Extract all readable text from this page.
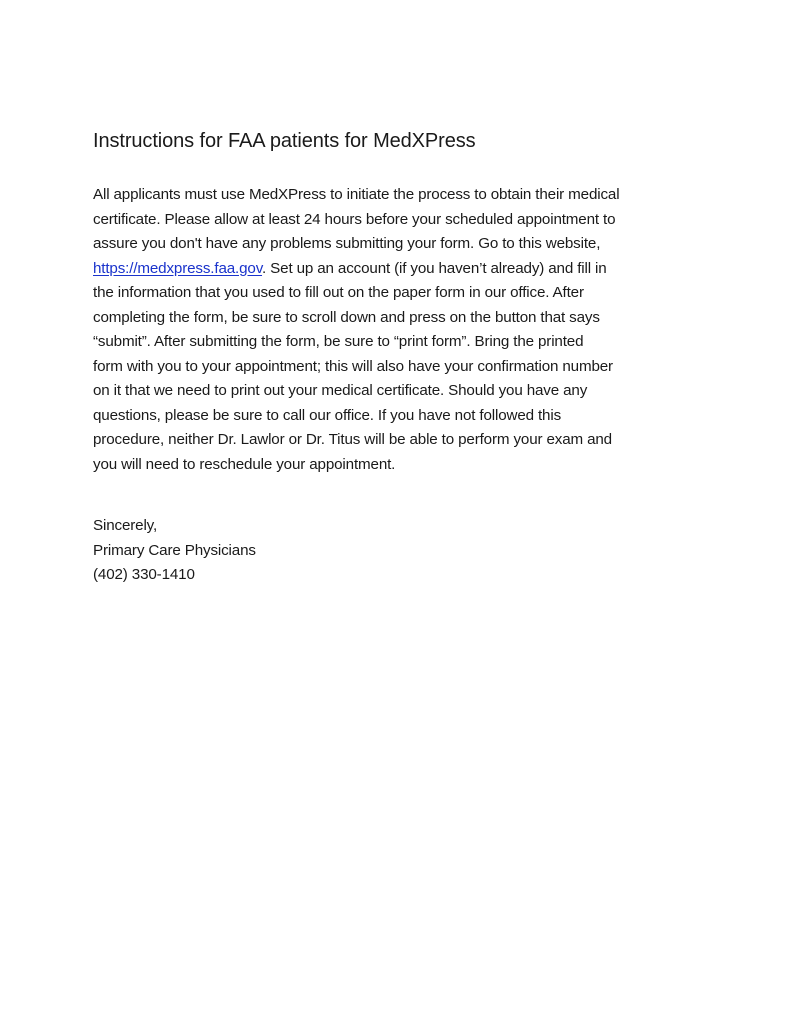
Instructions for FAA patients for MedXPress
All applicants must use MedXPress to initiate the process to obtain their medical
certificate. Please allow at least 24 hours before your scheduled appointment to
assure you don't have any problems submitting your form. Go to this website,
https://medxpress.faa.gov. Set up an account (if you haven’t already) and fill in
the information that you used to fill out on the paper form in our office. After
completing the form, be sure to scroll down and press on the button that says
“submit”. After submitting the form, be sure to “print form”. Bring the printed
form with you to your appointment; this will also have your confirmation number
on it that we need to print out your medical certificate. Should you have any
questions, please be sure to call our office. If you have not followed this
procedure, neither Dr. Lawlor or Dr. Titus will be able to perform your exam and
you will need to reschedule your appointment.
Sincerely,
Primary Care Physicians
(402) 330-1410
